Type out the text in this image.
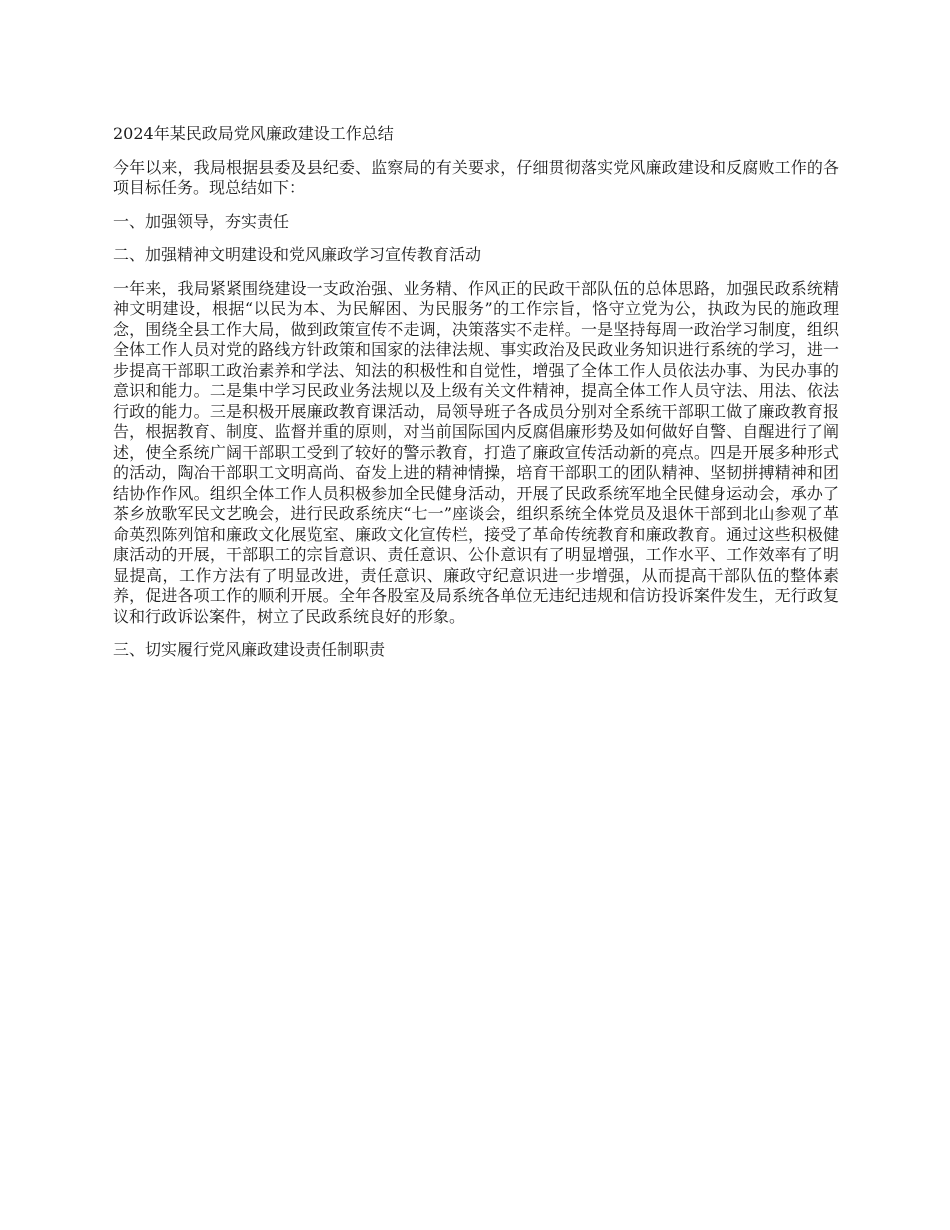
2024年某民政局党风廉政建设工作总结

今年以来，我局根据县委及县纪委、监察局的有关要求，仔细贯彻落实党风廉政建设和反腐败工作的各项目标任务。现总结如下：

一、加强领导，夯实责任

二、加强精神文明建设和党风廉政学习宣传教育活动

一年来，我局紧紧围绕建设一支政治强、业务精、作风正的民政干部队伍的总体思路，加强民政系统精神文明建设，根据“以民为本、为民解困、为民服务”的工作宗旨，恪守立党为公，执政为民的施政理念，围绕全县工作大局，做到政策宣传不走调，决策落实不走样。一是坚持每周一政治学习制度，组织全体工作人员对党的路线方针政策和国家的法律法规、事实政治及民政业务知识进行系统的学习，进一步提高干部职工政治素养和学法、知法的积极性和自觉性，增强了全体工作人员依法办事、为民办事的意识和能力。二是集中学习民政业务法规以及上级有关文件精神，提高全体工作人员守法、用法、依法行政的能力。三是积极开展廉政教育课活动，局领导班子各成员分别对全系统干部职工做了廉政教育报告，根据教育、制度、监督并重的原则，对当前国际国内反腐倡廉形势及如何做好自警、自醒进行了阐述，使全系统广阔干部职工受到了较好的警示教育，打造了廉政宣传活动新的亮点。四是开展多种形式的活动，陶冶干部职工文明高尚、奋发上进的精神情操，培育干部职工的团队精神、坚韧拼搏精神和团结协作作风。组织全体工作人员积极参加全民健身活动，开展了民政系统军地全民健身运动会，承办了茶乡放歌军民文艺晚会，进行民政系统庆“七一”座谈会，组织系统全体党员及退休干部到北山参观了革命英烈陈列馆和廉政文化展览室、廉政文化宣传栏，接受了革命传统教育和廉政教育。通过这些积极健康活动的开展，干部职工的宗旨意识、责任意识、公仆意识有了明显增强，工作水平、工作效率有了明显提高，工作方法有了明显改进，责任意识、廉政守纪意识进一步增强，从而提高干部队伍的整体素养，促进各项工作的顺利开展。全年各股室及局系统各单位无违纪违规和信访投诉案件发生，无行政复议和行政诉讼案件，树立了民政系统良好的形象。

三、切实履行党风廉政建设责任制职责
